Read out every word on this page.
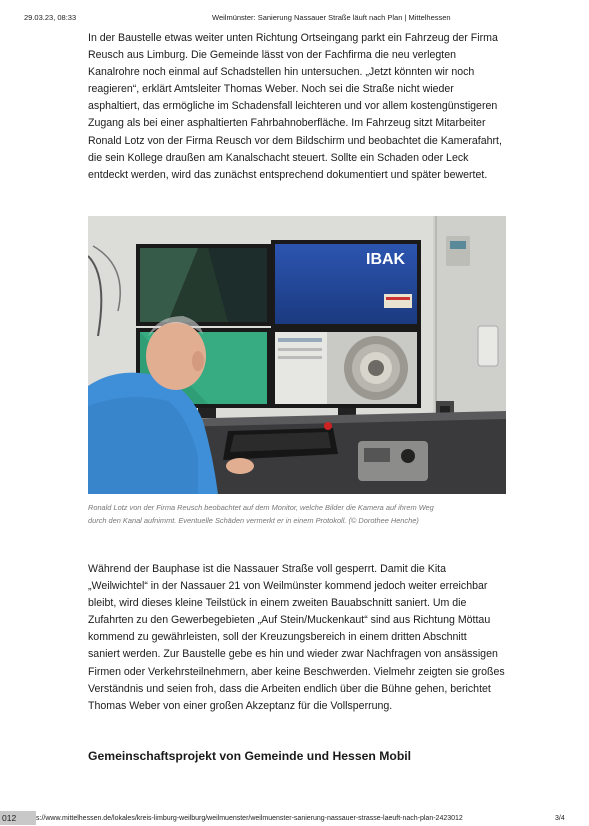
29.03.23, 08:33	Weilmünster: Sanierung Nassauer Straße läuft nach Plan | Mittelhessen
In der Baustelle etwas weiter unten Richtung Ortseingang parkt ein Fahrzeug der Firma
Reusch aus Limburg. Die Gemeinde lässt von der Fachfirma die neu verlegten
Kanalrohre noch einmal auf Schadstellen hin untersuchen. „Jetzt könnten wir noch
reagieren“, erklärt Amtsleiter Thomas Weber. Noch sei die Straße nicht wieder
asphaltiert, das ermögliche im Schadensfall leichteren und vor allem kostengünstigeren
Zugang als bei einer asphaltierten Fahrbahnoberfläche. Im Fahrzeug sitzt Mitarbeiter
Ronald Lotz von der Firma Reusch vor dem Bildschirm und beobachtet die Kamerafahrt,
die sein Kollege draußen am Kanalschacht steuert. Sollte ein Schaden oder Leck
entdeckt werden, wird das zunächst entsprechend dokumentiert und später bewertet.
IBAK
Ronald Lotz von der Firma Reusch beobachtet auf dem Monitor, welche Bilder die Kamera auf ihrem Weg
durch den Kanal aufnimmt. Eventuelle Schäden vermerkt er in einem Protokoll. (© Dorothee Henche)
Während der Bauphase ist die Nassauer Straße voll gesperrt. Damit die Kita
„Weilwichtel“ in der Nassauer 21 von Weilmünster kommend jedoch weiter erreichbar
bleibt, wird dieses kleine Teilstück in einem zweiten Bauabschnitt saniert. Um die
Zufahrten zu den Gewerbegebieten „Auf Stein/Muckenkaut“ sind aus Richtung Möttau
kommend zu gewährleisten, soll der Kreuzungsbereich in einem dritten Abschnitt
saniert werden. Zur Baustelle gebe es hin und wieder zwar Nachfragen von ansässigen
Firmen oder Verkehrsteilnehmern, aber keine Beschwerden. Vielmehr zeigten sie großes
Verständnis und seien froh, dass die Arbeiten endlich über die Bühne gehen, berichtet
Thomas Weber von einer großen Akzeptanz für die Vollsperrung.
Gemeinschaftsprojekt von Gemeinde und Hessen Mobil
012	s://www.mittelhessen.de/lokales/kreis-limburg-weilburg/weilmuenster/weilmuenster-sanierung-nassauer-strasse-laeuft-nach-plan-2423012	3/4
